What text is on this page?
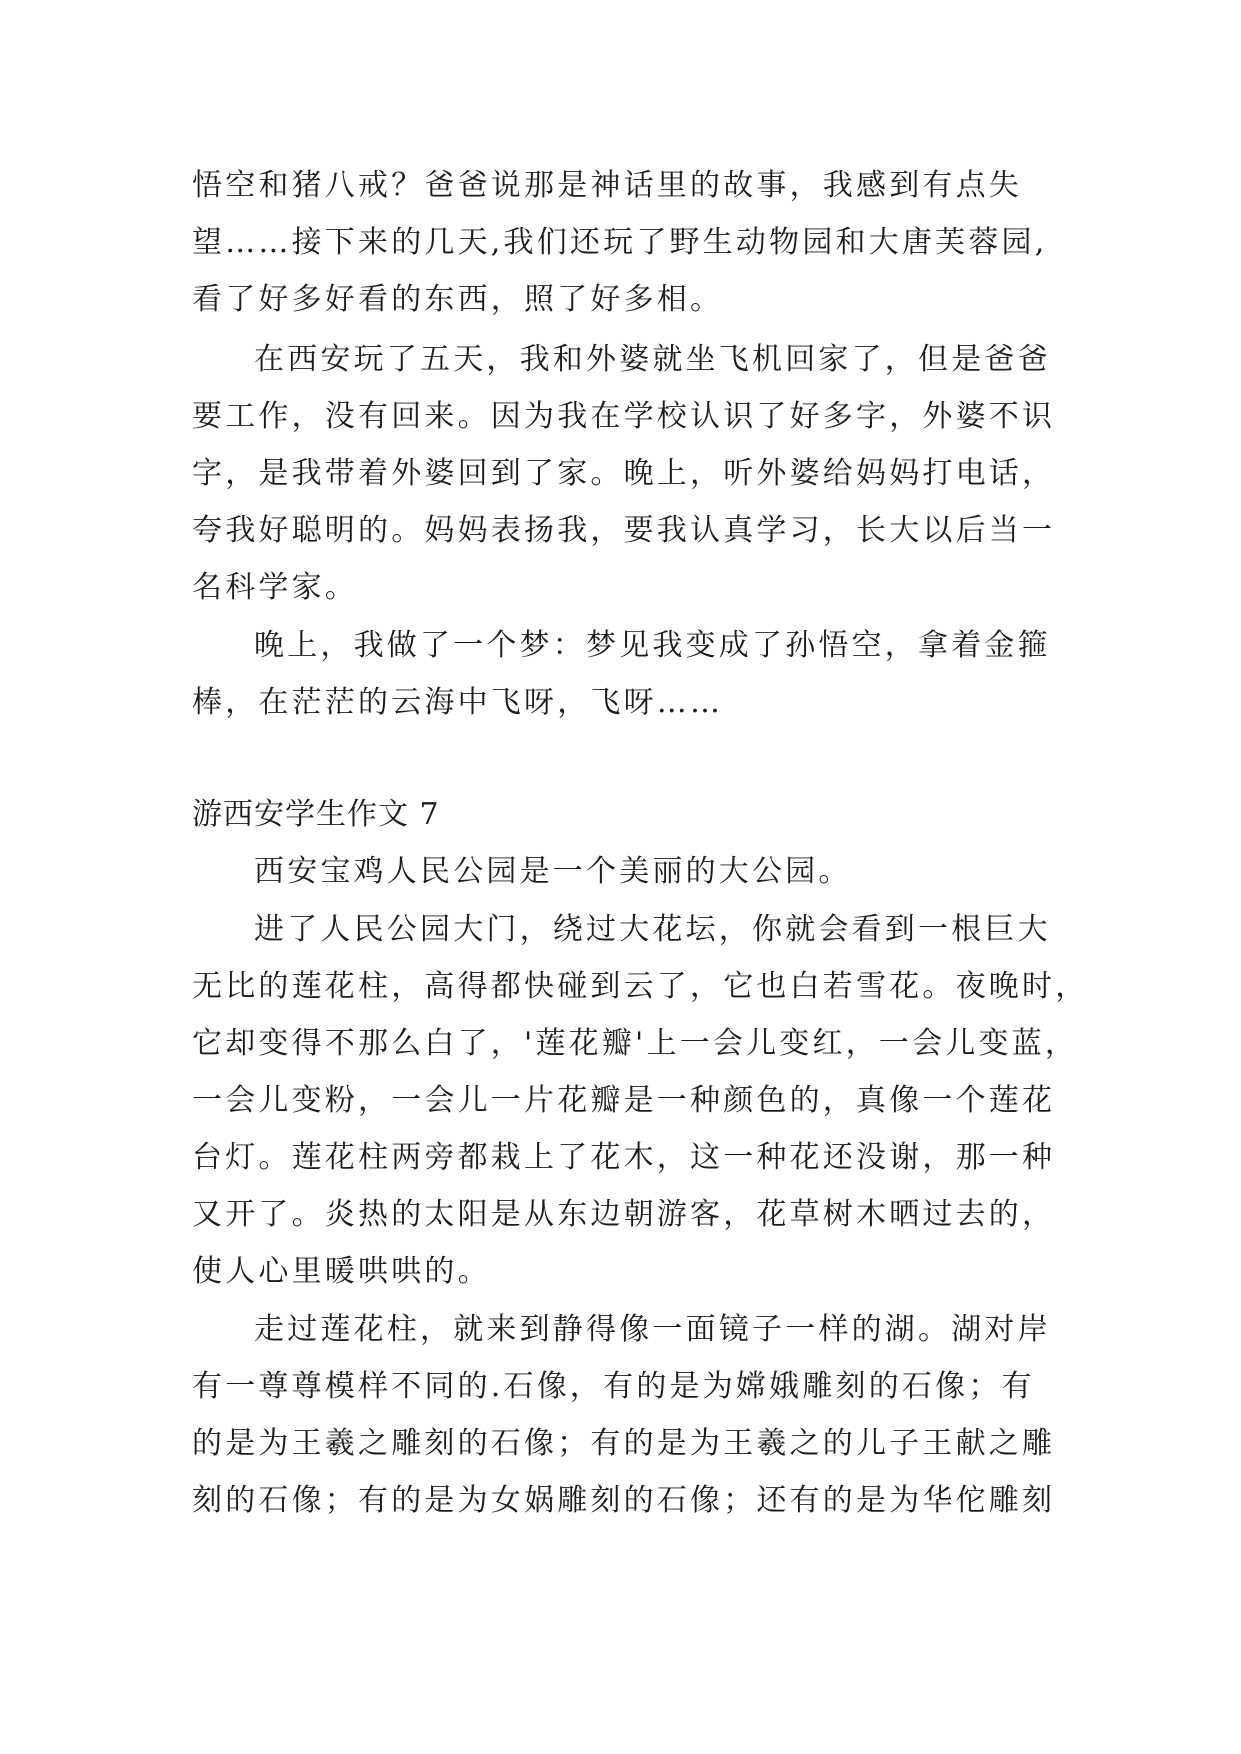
悟空和猪八戒？爸爸说那是神话里的故事，我感到有点失
望……接下来的几天,我们还玩了野生动物园和大唐芙蓉园,
看了好多好看的东西，照了好多相。
在西安玩了五天，我和外婆就坐飞机回家了，但是爸爸
要工作，没有回来。因为我在学校认识了好多字，外婆不识
字，是我带着外婆回到了家。晚上，听外婆给妈妈打电话，
夸我好聪明的。妈妈表扬我，要我认真学习，长大以后当一
名科学家。
晚上，我做了一个梦：梦见我变成了孙悟空，拿着金箍
棒，在茫茫的云海中飞呀，飞呀……
游西安学生作文 7
西安宝鸡人民公园是一个美丽的大公园。
进了人民公园大门，绕过大花坛，你就会看到一根巨大
无比的莲花柱，高得都快碰到云了，它也白若雪花。夜晚时，
它却变得不那么白了，'莲花瓣'上一会儿变红，一会儿变蓝，
一会儿变粉，一会儿一片花瓣是一种颜色的，真像一个莲花
台灯。莲花柱两旁都栽上了花木，这一种花还没谢，那一种
又开了。炎热的太阳是从东边朝游客，花草树木晒过去的，
使人心里暖哄哄的。
走过莲花柱，就来到静得像一面镜子一样的湖。湖对岸
有一尊尊模样不同的.石像，有的是为嫦娥雕刻的石像；有
的是为王羲之雕刻的石像；有的是为王羲之的儿子王献之雕
刻的石像；有的是为女娲雕刻的石像；还有的是为华佗雕刻
